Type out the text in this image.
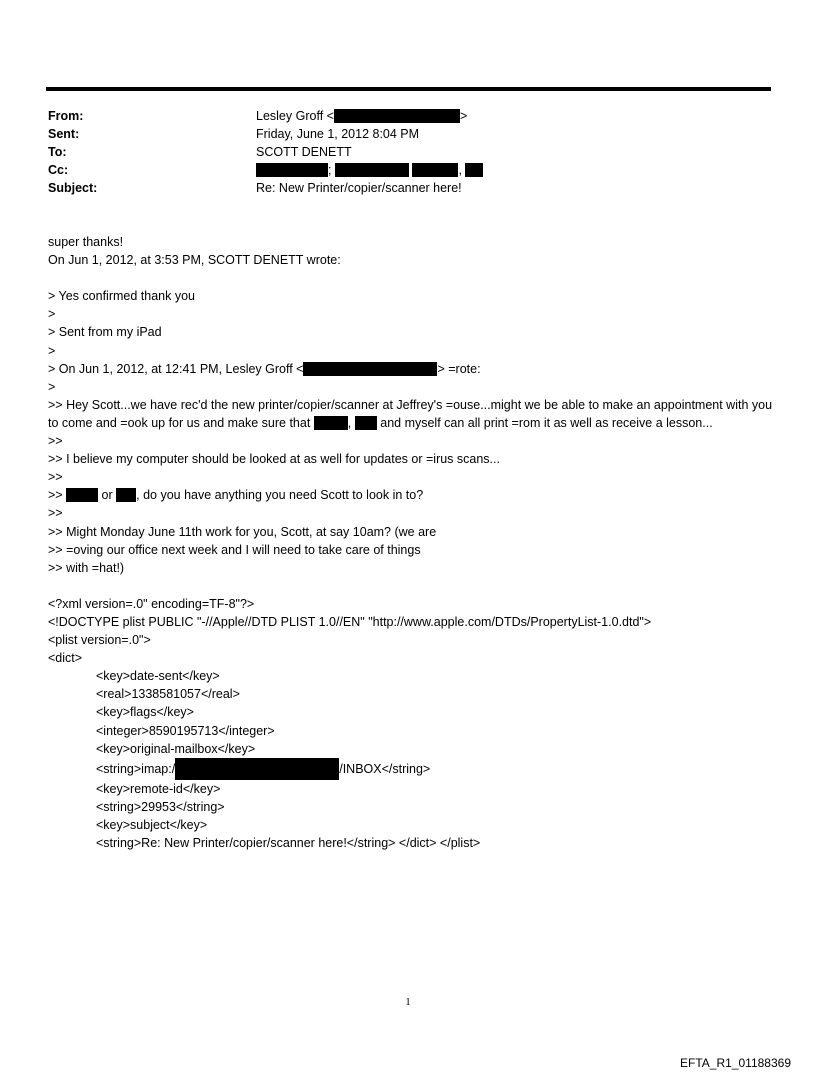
From:	Lesley Groff <	>
Sent:	Friday, June 1, 2012 8:04 PM
To:	SCOTT DENETT
Cc:	;	,
Subject:	Re: New Printer/copier/scanner here!
super thanks!
On Jun 1, 2012, at 3:53 PM, SCOTT DENETT wrote:
> Yes confirmed thank you
>
> Sent from my iPad
>
> On Jun 1, 2012, at 12:41 PM, Lesley Groff <	> =rote:
>
>> Hey Scott...we have rec'd the new printer/copier/scanner at Jeffrey's =ouse...might we be able to make an appointment with you to come and =ook up for us and make sure that	,  and myself can all print =rom it as well as receive a lesson...
>>
>> I believe my computer should be looked at as well for updates or =irus scans...
>>
>>	or , do you have anything you need Scott to look in to?
>>
>> Might Monday June 11th work for you, Scott, at say 10am? (we are
>> =oving our office next week and I will need to take care of things
>> with =hat!)
<?xml version=.0" encoding=TF-8"?>
<!DOCTYPE plist PUBLIC "-//Apple//DTD PLIST 1.0//EN" "http://www.apple.com/DTDs/PropertyList-1.0.dtd">
<plist version=.0">
<dict>
<key>date-sent</key>
<real>1338581057</real>
<key>flags</key>
<integer>8590195713</integer>
<key>original-mailbox</key>
<string>imap:/	/INBOX</string>
<key>remote-id</key>
<string>29953</string>
<key>subject</key>
<string>Re: New Printer/copier/scanner here!</string> </dict> </plist>
1
EFTA_R1_01188369
